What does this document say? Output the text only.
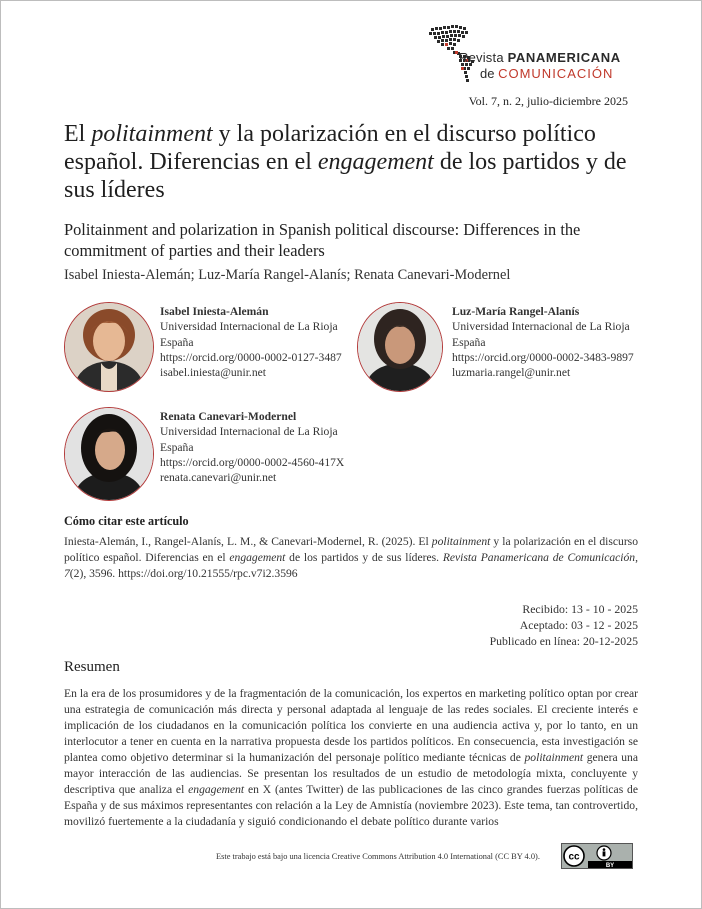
Revista PANAMERICANA
de COMUNICACIÓN
Vol. 7, n. 2, julio-diciembre 2025
El politainment y la polarización en el discurso político español. Diferencias en el engagement de los partidos y de sus líderes
Politainment and polarization in Spanish political discourse: Differences in the commitment of parties and their leaders
Isabel Iniesta-Alemán; Luz-María Rangel-Alanís; Renata Canevari-Modernel
Isabel Iniesta-Alemán
Universidad Internacional de La Rioja
España
https://orcid.org/0000-0002-0127-3487
isabel.iniesta@unir.net
Luz-María Rangel-Alanís
Universidad Internacional de La Rioja
España
https://orcid.org/0000-0002-3483-9897
luzmaria.rangel@unir.net
Renata Canevari-Modernel
Universidad Internacional de La Rioja
España
https://orcid.org/0000-0002-4560-417X
renata.canevari@unir.net
Cómo citar este artículo

Iniesta-Alemán, I., Rangel-Alanís, L. M., & Canevari-Modernel, R. (2025). El politainment y la polarización en el discurso político español. Diferencias en el engagement de los partidos y de sus líderes. Revista Panamericana de Comunicación, 7(2), 3596. https://doi.org/10.21555/rpc.v7i2.3596

Recibido: 13 - 10 - 2025
Aceptado: 03 - 12 - 2025
Publicado en línea: 20-12-2025
Resumen

En la era de los prosumidores y de la fragmentación de la comunicación, los expertos en marketing político optan por crear una estrategia de comunicación más directa y personal adaptada al lenguaje de las redes sociales. El creciente interés e implicación de los ciudadanos en la comunicación política los convierte en una audiencia activa y, por lo tanto, en un interlocutor a tener en cuenta en la narrativa propuesta desde los partidos políticos. En consecuencia, esta investigación se plantea como objetivo determinar si la humanización del personaje político mediante técnicas de politainment genera una mayor interacción de las audiencias. Se presentan los resultados de un estudio de metodología mixta, concluyente y descriptiva que analiza el engagement en X (antes Twitter) de las publicaciones de las cinco grandes fuerzas políticas de España y de sus máximos representantes con relación a la Ley de Amnistía (noviembre 2023). Este tema, tan controvertido, movilizó fuertemente a la ciudadanía y siguió condicionando el debate político durante varios

Este trabajo está bajo una licencia Creative Commons Attribution 4.0 International (CC BY 4.0).	cc
BY
